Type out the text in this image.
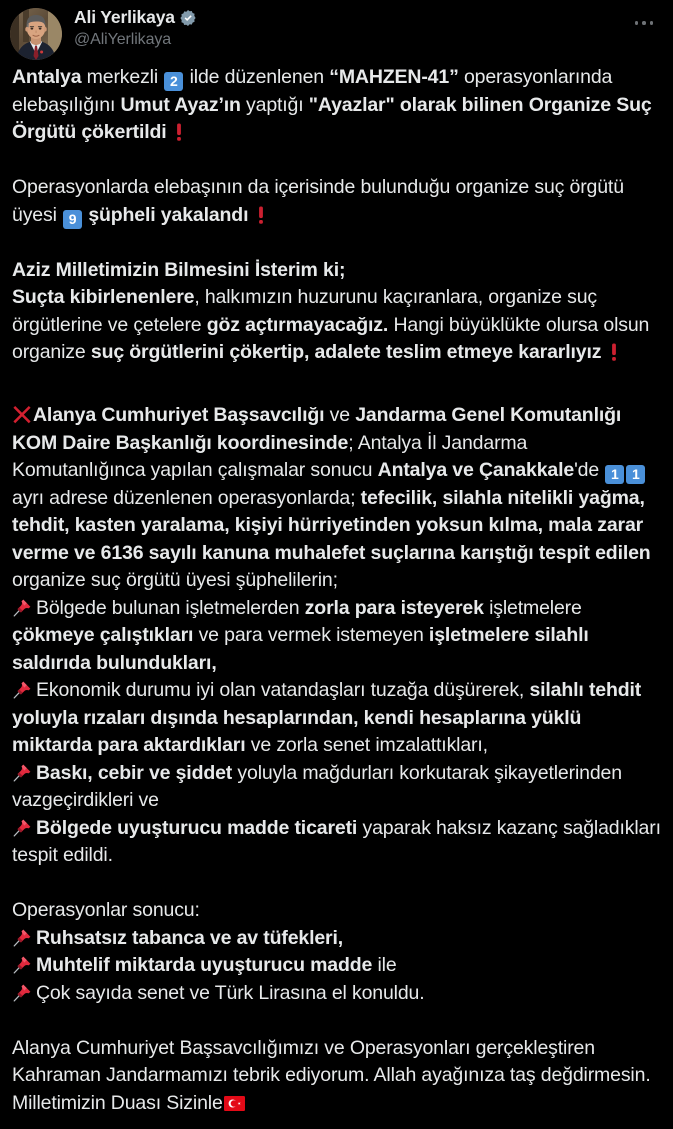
Ali Yerlikaya
@AliYerlikaya

Antalya merkezli 2 ilde düzenlenen “MAHZEN-41” operasyonlarında elebaşılığını Umut Ayaz’ın yaptığı "Ayazlar" olarak bilinen Organize Suç Örgütü çökertildi

Operasyonlarda elebaşının da içerisinde bulunduğu organize suç örgütü üyesi 9 şüpheli yakalandı

Aziz Milletimizin Bilmesini İsterim ki;

Suçta kibirlenenlere, halkımızın huzurunu kaçıranlara, organize suç örgütlerine ve çetelere göz açtırmayacağız. Hangi büyüklükte olursa olsun organize suç örgütlerini çökertip, adalete teslim etmeye kararlıyız

Alanya Cumhuriyet Başsavcılığı ve Jandarma Genel Komutanlığı KOM Daire Başkanlığı koordinesinde; Antalya İl Jandarma Komutanlığınca yapılan çalışmalar sonucu Antalya ve Çanakkale'de 1 1 ayrı adrese düzenlenen operasyonlarda; tefecilik, silahla nitelikli yağma, tehdit, kasten yaralama, kişiyi hürriyetinden yoksun kılma, mala zarar verme ve 6136 sayılı kanuna muhalefet suçlarına karıştığı tespit edilen organize suç örgütü üyesi şüphelilerin;

Bölgede bulunan işletmelerden zorla para isteyerek işletmelere çökmeye çalıştıkları ve para vermek istemeyen işletmelere silahlı saldırıda bulundukları,

Ekonomik durumu iyi olan vatandaşları tuzağa düşürerek, silahlı tehdit yoluyla rızaları dışında hesaplarından, kendi hesaplarına yüklü miktarda para aktardıkları ve zorla senet imzalattıkları,

Baskı, cebir ve şiddet yoluyla mağdurları korkutarak şikayetlerinden vazgeçirdikleri ve

Bölgede uyuşturucu madde ticareti yaparak haksız kazanç sağladıkları tespit edildi.

Operasyonlar sonucu:

Ruhsatsız tabanca ve av tüfekleri,

Muhtelif miktarda uyuşturucu madde ile

Çok sayıda senet ve Türk Lirasına el konuldu.

Alanya Cumhuriyet Başsavcılığımızı ve Operasyonları gerçekleştiren Kahraman Jandarmamızı tebrik ediyorum. Allah ayağınıza taş değdirmesin. Milletimizin Duası Sizinle
